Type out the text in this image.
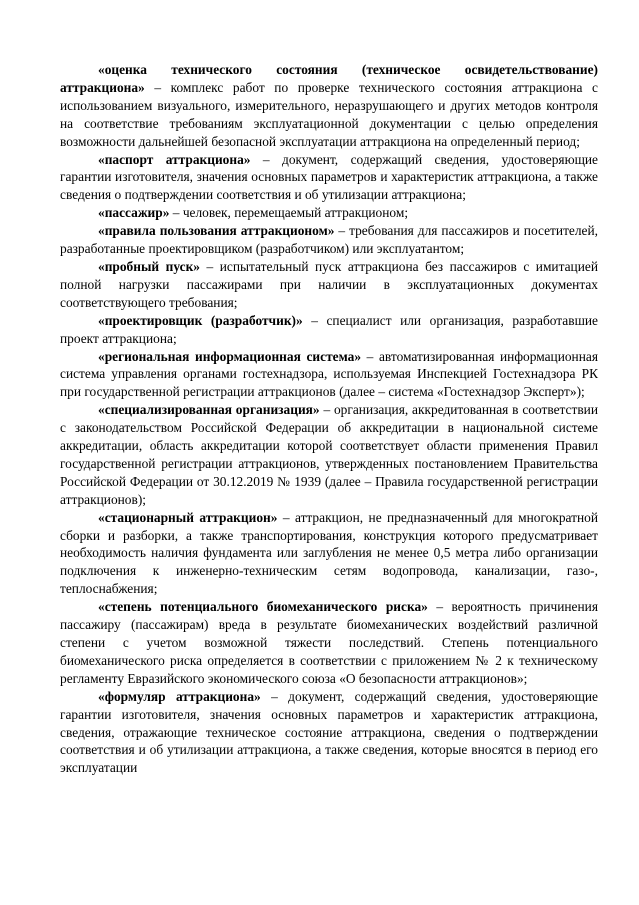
«оценка технического состояния (техническое освидетельствование) аттракциона» – комплекс работ по проверке технического состояния аттракциона с использованием визуального, измерительного, неразрушающего и других методов контроля на соответствие требованиям эксплуатационной документации с целью определения возможности дальнейшей безопасной эксплуатации аттракциона на определенный период;

«паспорт аттракциона» – документ, содержащий сведения, удостоверяющие гарантии изготовителя, значения основных параметров и характеристик аттракциона, а также сведения о подтверждении соответствия и об утилизации аттракциона;

«пассажир» – человек, перемещаемый аттракционом;

«правила пользования аттракционом» – требования для пассажиров и посетителей, разработанные проектировщиком (разработчиком) или эксплуатантом;

«пробный пуск» – испытательный пуск аттракциона без пассажиров с имитацией полной нагрузки пассажирами при наличии в эксплуатационных документах соответствующего требования;

«проектировщик (разработчик)» – специалист или организация, разработавшие проект аттракциона;

«региональная информационная система» – автоматизированная информационная система управления органами гостехнадзора, используемая Инспекцией Гостехнадзора РК при государственной регистрации аттракционов (далее – система «Гостехнадзор Эксперт»);

«специализированная организация» – организация, аккредитованная в соответствии с законодательством Российской Федерации об аккредитации в национальной системе аккредитации, область аккредитации которой соответствует области применения Правил государственной регистрации аттракционов, утвержденных постановлением Правительства Российской Федерации от 30.12.2019 № 1939 (далее – Правила государственной регистрации аттракционов);

«стационарный аттракцион» – аттракцион, не предназначенный для многократной сборки и разборки, а также транспортирования, конструкция которого предусматривает необходимость наличия фундамента или заглубления не менее 0,5 метра либо организации подключения к инженерно-техническим сетям водопровода, канализации, газо-, теплоснабжения;

«степень потенциального биомеханического риска» – вероятность причинения пассажиру (пассажирам) вреда в результате биомеханических воздействий различной степени с учетом возможной тяжести последствий. Степень потенциального биомеханического риска определяется в соответствии с приложением № 2 к техническому регламенту Евразийского экономического союза «О безопасности аттракционов»;

«формуляр аттракциона» – документ, содержащий сведения, удостоверяющие гарантии изготовителя, значения основных параметров и характеристик аттракциона, сведения, отражающие техническое состояние аттракциона, сведения о подтверждении соответствия и об утилизации аттракциона, а также сведения, которые вносятся в период его эксплуатации
